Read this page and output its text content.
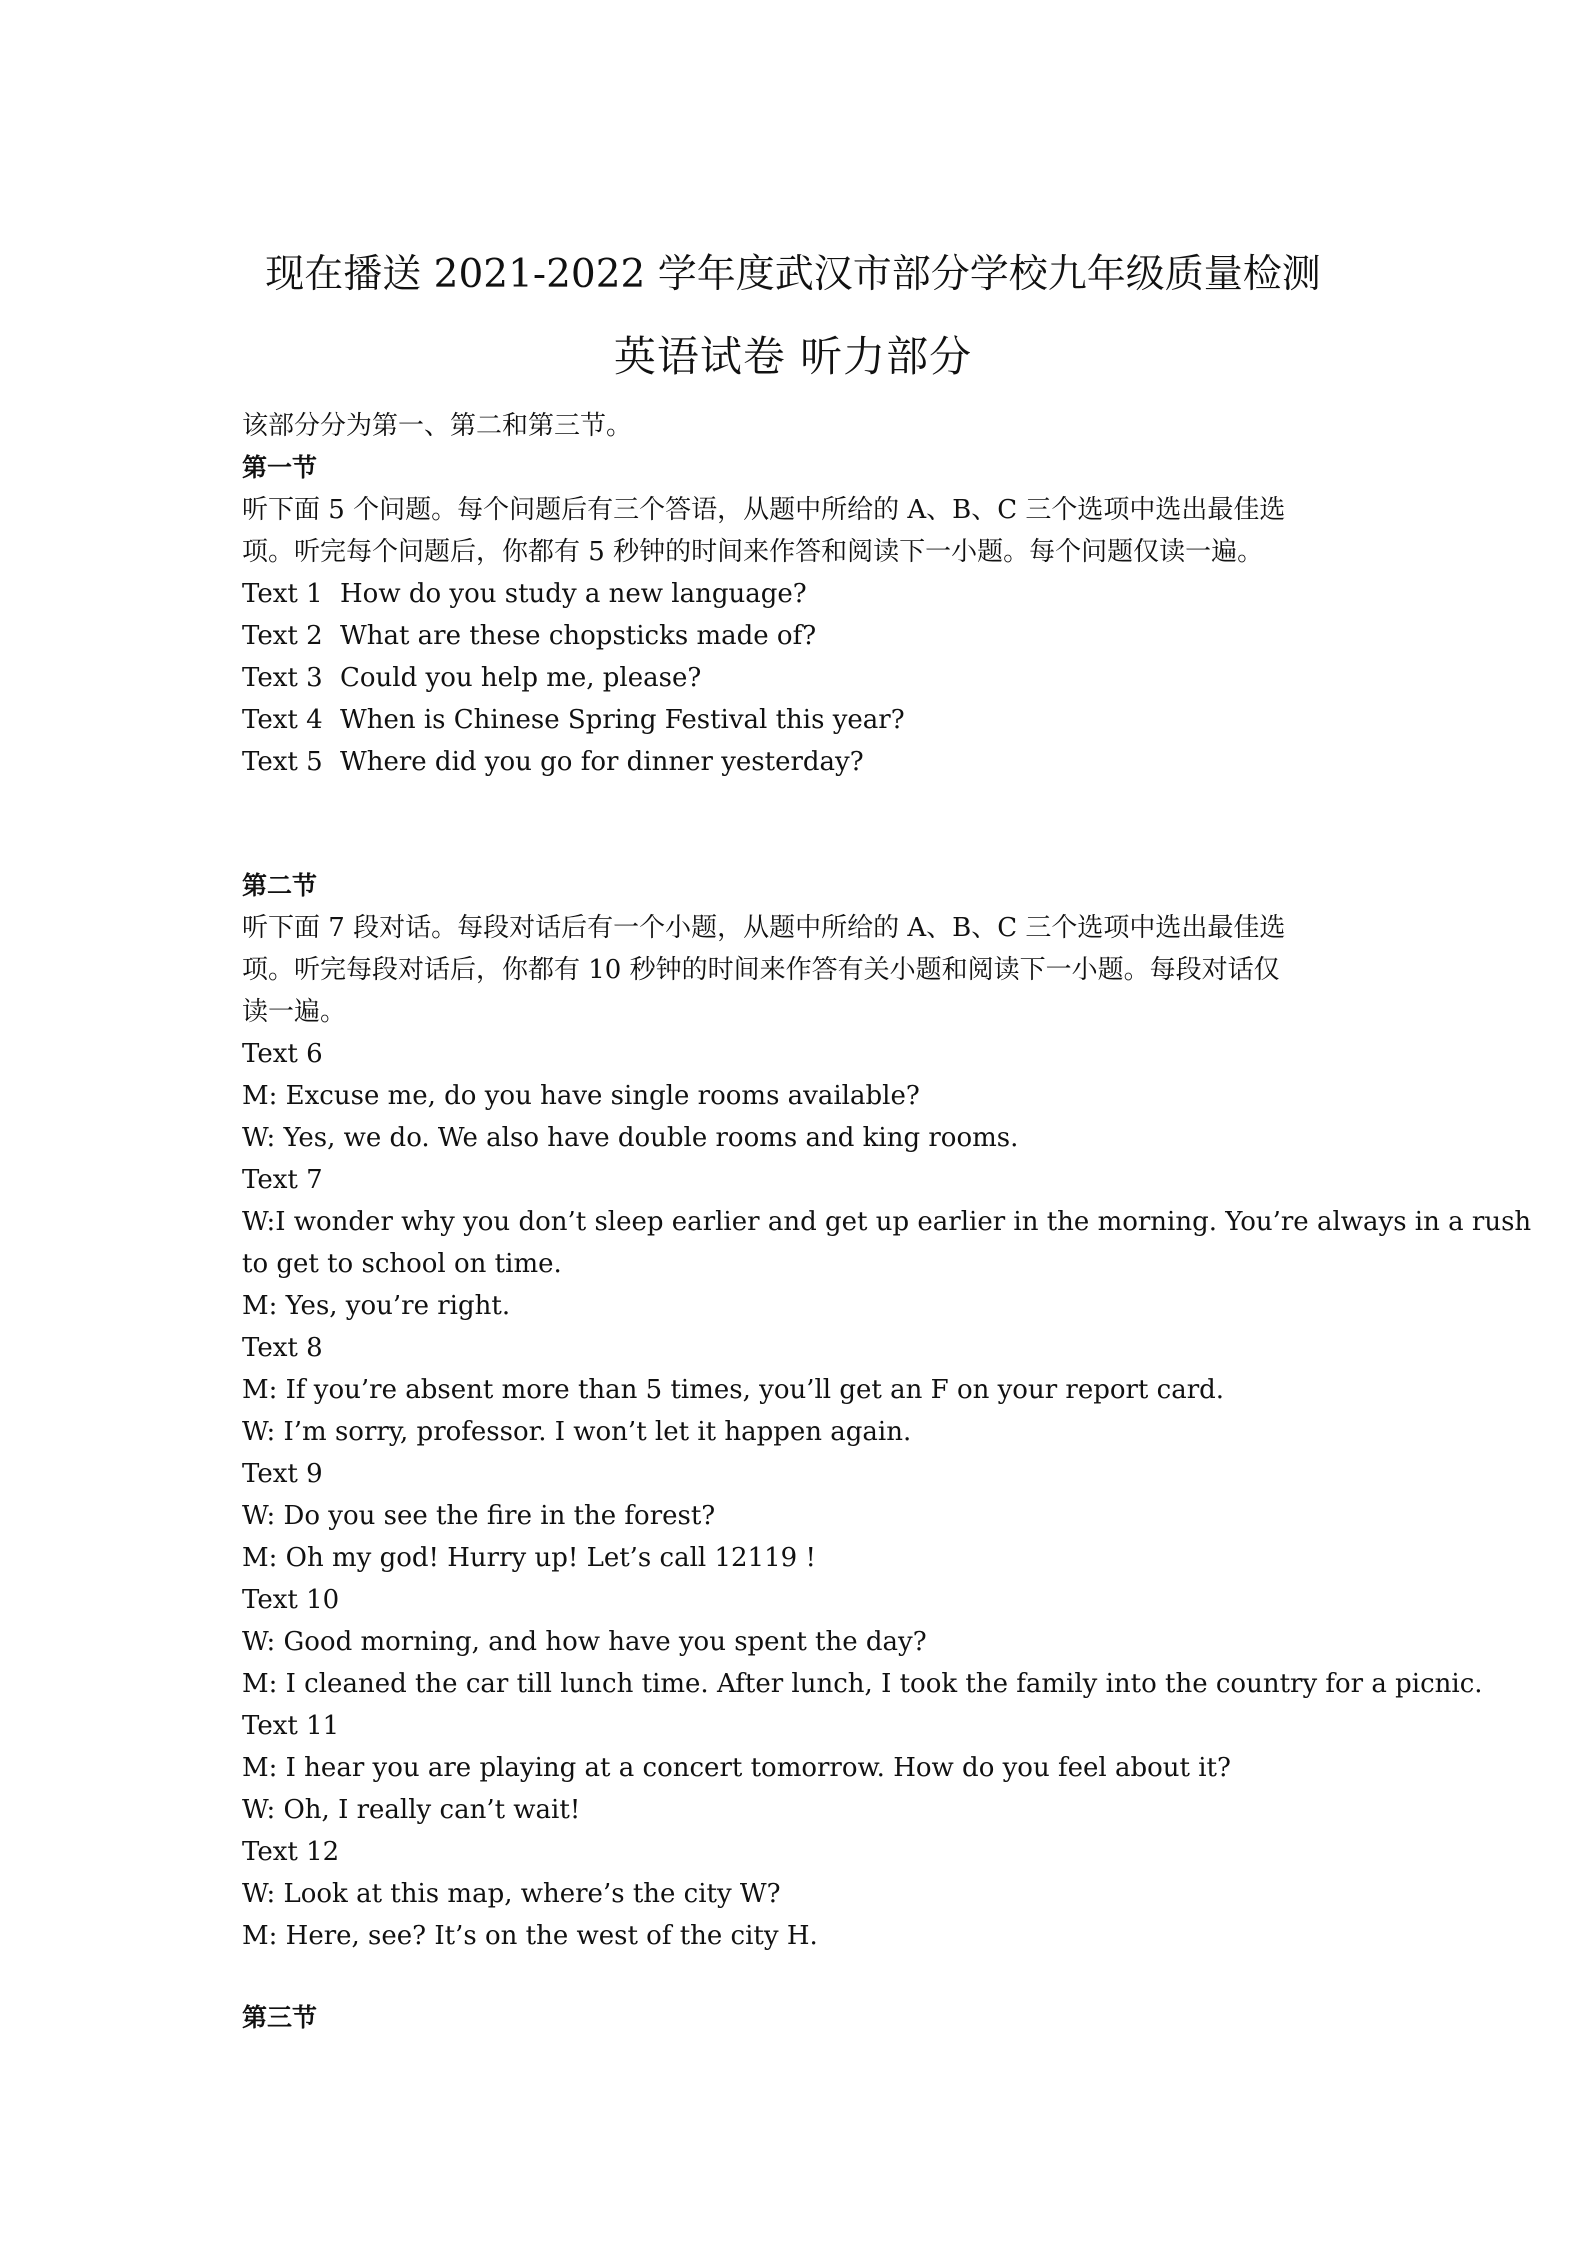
现在播送 2021-2022 学年度武汉市部分学校九年级质量检测
英语试卷 听力部分
该部分分为第一、第二和第三节。
第一节
听下面 5 个问题。每个问题后有三个答语，从题中所给的 A、B、C 三个选项中选出最佳选
项。听完每个问题后，你都有 5 秒钟的时间来作答和阅读下一小题。每个问题仅读一遍。
Text 1 How do you study a new language?
Text 2 What are these chopsticks made of?
Text 3 Could you help me, please?
Text 4 When is Chinese Spring Festival this year?
Text 5 Where did you go for dinner yesterday?
第二节
听下面 7 段对话。每段对话后有一个小题，从题中所给的 A、B、C 三个选项中选出最佳选
项。听完每段对话后，你都有 10 秒钟的时间来作答有关小题和阅读下一小题。每段对话仅
读一遍。
Text 6
M: Excuse me, do you have single rooms available?
W: Yes, we do. We also have double rooms and king rooms.
Text 7
W:I wonder why you don’t sleep earlier and get up earlier in the morning. You’re always in a rush
to get to school on time.
M: Yes, you’re right.
Text 8
M: If you’re absent more than 5 times, you’ll get an F on your report card.
W: I’m sorry, professor. I won’t let it happen again.
Text 9
W: Do you see the fire in the forest?
M: Oh my god! Hurry up! Let’s call 12119 !
Text 10
W: Good morning, and how have you spent the day?
M: I cleaned the car till lunch time. After lunch, I took the family into the country for a picnic.
Text 11
M: I hear you are playing at a concert tomorrow. How do you feel about it?
W: Oh, I really can’t wait!
Text 12
W: Look at this map, where’s the city W?
M: Here, see? It’s on the west of the city H.
第三节
